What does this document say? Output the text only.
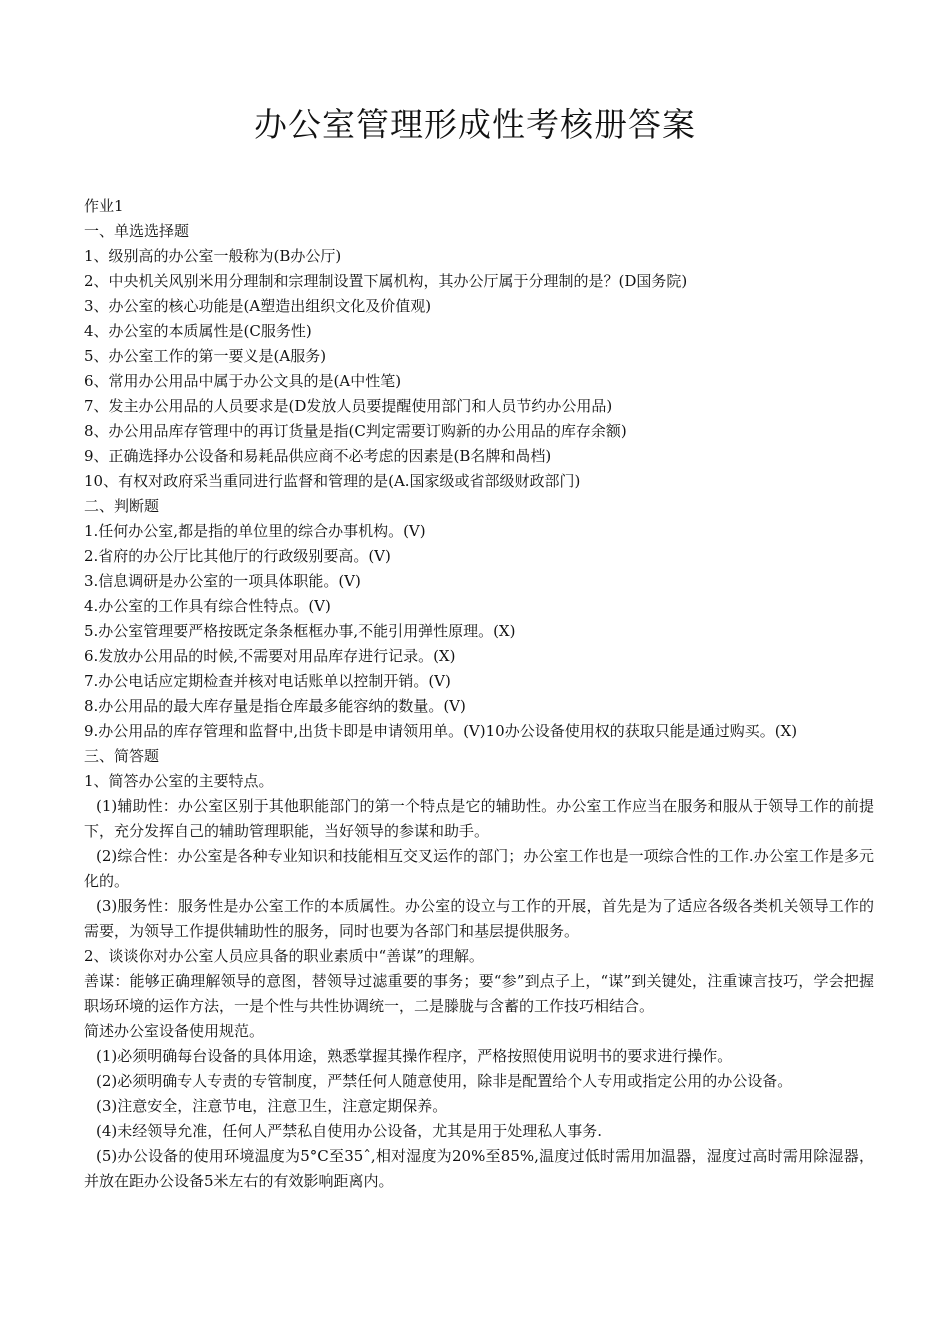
办公室管理形成性考核册答案
作业1
一、单选选择题
1、级别高的办公室一般称为(B办公厅)
2、中央机关风别米用分理制和宗理制设置下属机构，其办公厅属于分理制的是？(D国务院)
3、办公室的核心功能是(A塑造出组织文化及价值观)
4、办公室的本质属性是(C服务性)
5、办公室工作的第一要义是(A服务)
6、常用办公用品中属于办公文具的是(A中性笔)
7、发主办公用品的人员要求是(D发放人员要提醒使用部门和人员节约办公用品)
8、办公用品库存管理中的再订货量是指(C判定需要订购新的办公用品的库存余额)
9、正确选择办公设备和易耗品供应商不必考虑的因素是(B名牌和咼档)
10、有权对政府采当重同进行监督和管理的是(A.国家级或省部级财政部门)
二、判断题
1.任何办公室,都是指的单位里的综合办事机构。(V)
2.省府的办公厅比其他厅的行政级别要高。(V)
3.信息调研是办公室的一项具体职能。(V)
4.办公室的工作具有综合性特点。(V)
5.办公室管理要严格按既定条条框框办事,不能引用弹性原理。(X)
6.发放办公用品的时候,不需要对用品库存进行记录。(X)
7.办公电话应定期检查并核对电话账单以控制开销。(V)
8.办公用品的最大库存量是指仓库最多能容纳的数量。(V)
9.办公用品的库存管理和监督中,出货卡即是申请领用单。(V)10办公设备使用权的获取只能是通过购买。(X)
三、简答题
1、简答办公室的主要特点。
(1)辅助性：办公室区别于其他职能部门的第一个特点是它的辅助性。办公室工作应当在服务和服从于领导工作的前提下，充分发挥自己的辅助管理职能，当好领导的参谋和助手。
(2)综合性：办公室是各种专业知识和技能相互交叉运作的部门；办公室工作也是一项综合性的工作.办公室工作是多元化的。
(3)服务性：服务性是办公室工作的本质属性。办公室的设立与工作的开展，首先是为了适应各级各类机关领导工作的需要，为领导工作提供辅助性的服务，同时也要为各部门和基层提供服务。
2、谈谈你对办公室人员应具备的职业素质中“善谋”的理解。
善谋：能够正确理解领导的意图，替领导过滤重要的事务；要“参”到点子上，“谋”到关键处，注重谏言技巧，学会把握职场环境的运作方法，一是个性与共性协调统一，二是滕胧与含蓄的工作技巧相结合。
简述办公室设备使用规范。
(1)必须明确每台设备的具体用途，熟悉掌握其操作程序，严格按照使用说明书的要求进行操作。
(2)必须明确专人专责的专管制度，严禁任何人随意使用，除非是配置给个人专用或指定公用的办公设备。
(3)注意安全，注意节电，注意卫生，注意定期保养。
(4)未经领导允准，任何人严禁私自使用办公设备，尤其是用于处理私人事务.
(5)办公设备的使用环境温度为5°C至35ˆ,相对湿度为20%至85%,温度过低时需用加温器，湿度过高时需用除湿器，并放在距办公设备5米左右的有效影响距离内。
